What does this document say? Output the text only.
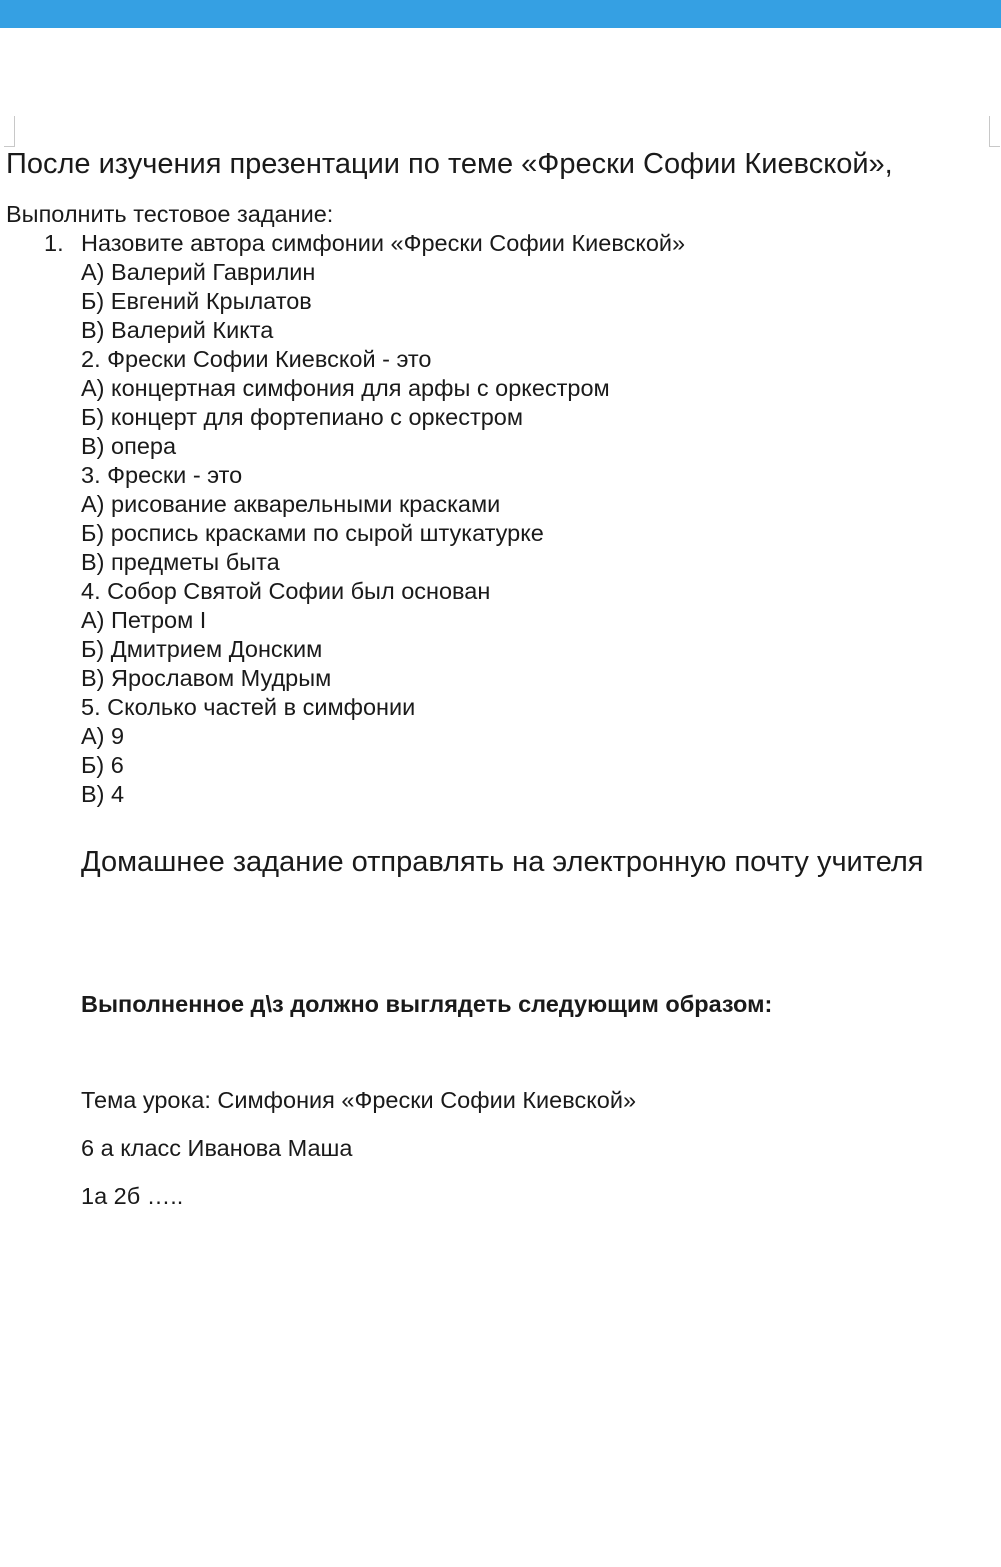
После изучения презентации по теме «Фрески Софии Киевской»,
Выполнить тестовое задание:
1. Назовите автора симфонии «Фрески Софии Киевской»
А) Валерий Гаврилин
Б) Евгений Крылатов
В) Валерий Кикта
2. Фрески Софии Киевской - это
А) концертная симфония для арфы с оркестром
Б) концерт для фортепиано с оркестром
В) опера
3. Фрески - это
А) рисование акварельными красками
Б) роспись красками по сырой штукатурке
В) предметы быта
4. Собор Святой Софии был основан
А) Петром I
Б) Дмитрием Донским
В) Ярославом Мудрым
5. Сколько частей в симфонии
А) 9
Б) 6
В) 4
Домашнее задание отправлять на электронную почту учителя
Выполненное д\з должно выглядеть следующим образом:
Тема урока: Симфония «Фрески Софии Киевской»
6 а класс Иванова Маша
1а 2б …..
